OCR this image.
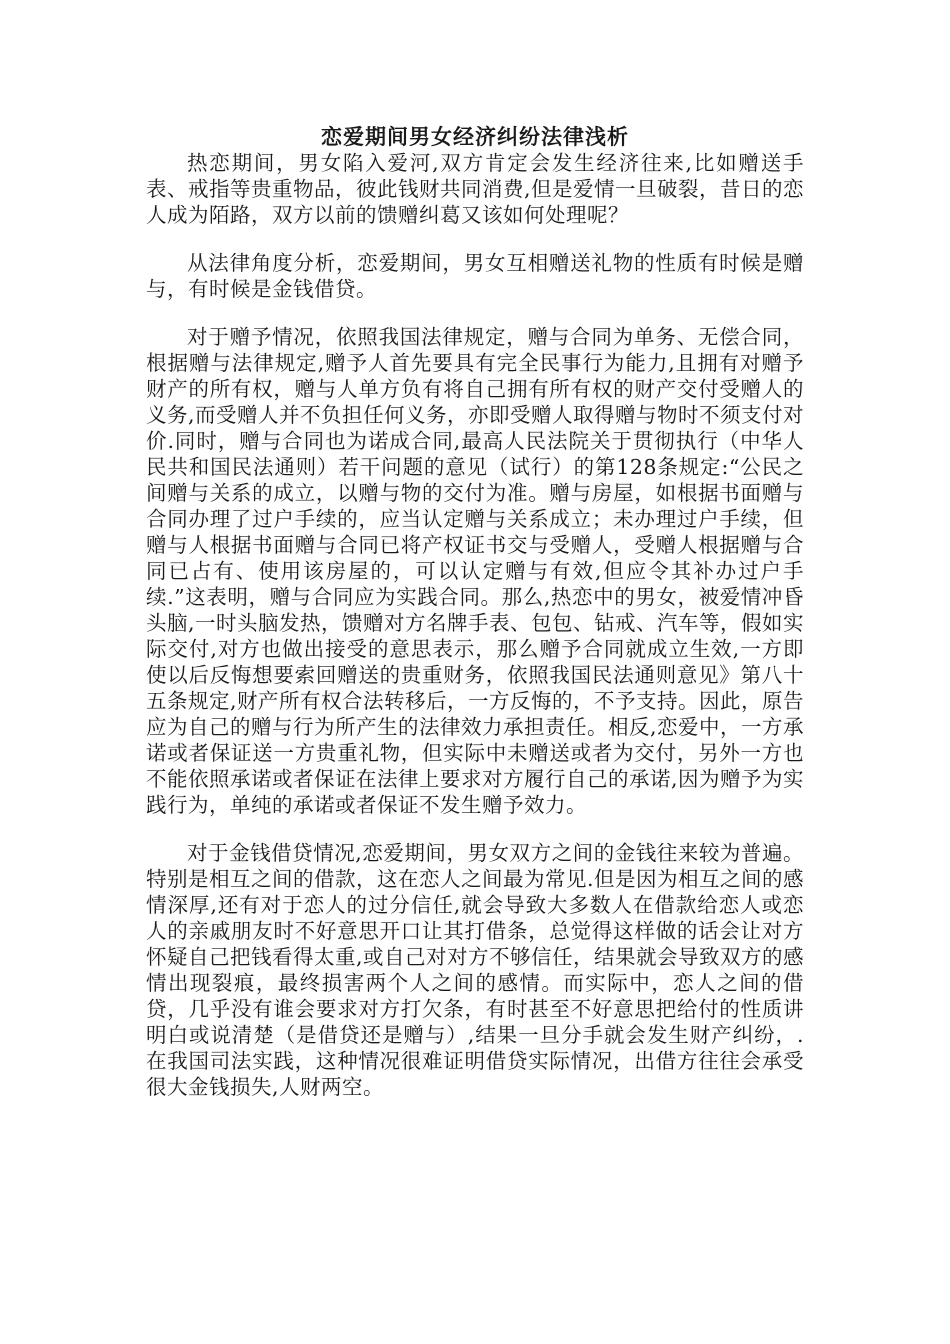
恋爱期间男女经济纠纷法律浅析

热恋期间，男女陷入爱河,双方肯定会发生经济往来,比如赠送手表、戒指等贵重物品，彼此钱财共同消费,但是爱情一旦破裂，昔日的恋人成为陌路，双方以前的馈赠纠葛又该如何处理呢？

从法律角度分析，恋爱期间，男女互相赠送礼物的性质有时候是赠与，有时候是金钱借贷。

对于赠予情况，依照我国法律规定，赠与合同为单务、无偿合同，根据赠与法律规定,赠予人首先要具有完全民事行为能力,且拥有对赠予财产的所有权，赠与人单方负有将自己拥有所有权的财产交付受赠人的义务,而受赠人并不负担任何义务，亦即受赠人取得赠与物时不须支付对价.同时，赠与合同也为诺成合同,最高人民法院关于贯彻执行（中华人民共和国民法通则）若干问题的意见（试行）的第128条规定:“公民之间赠与关系的成立，以赠与物的交付为准。赠与房屋，如根据书面赠与合同办理了过户手续的，应当认定赠与关系成立；未办理过户手续，但赠与人根据书面赠与合同已将产权证书交与受赠人，受赠人根据赠与合同已占有、使用该房屋的，可以认定赠与有效,但应令其补办过户手续.”这表明，赠与合同应为实践合同。那么,热恋中的男女，被爱情冲昏头脑,一时头脑发热，馈赠对方名牌手表、包包、钻戒、汽车等，假如实际交付,对方也做出接受的意思表示，那么赠予合同就成立生效,一方即使以后反悔想要索回赠送的贵重财务，依照我国民法通则意见》第八十五条规定,财产所有权合法转移后，一方反悔的，不予支持。因此，原告应为自己的赠与行为所产生的法律效力承担责任。相反,恋爱中，一方承诺或者保证送一方贵重礼物，但实际中未赠送或者为交付，另外一方也不能依照承诺或者保证在法律上要求对方履行自己的承诺,因为赠予为实践行为，单纯的承诺或者保证不发生赠予效力。

对于金钱借贷情况,恋爱期间，男女双方之间的金钱往来较为普遍。特别是相互之间的借款，这在恋人之间最为常见.但是因为相互之间的感情深厚,还有对于恋人的过分信任,就会导致大多数人在借款给恋人或恋人的亲戚朋友时不好意思开口让其打借条，总觉得这样做的话会让对方怀疑自己把钱看得太重,或自己对对方不够信任，结果就会导致双方的感情出现裂痕，最终损害两个人之间的感情。而实际中，恋人之间的借贷，几乎没有谁会要求对方打欠条，有时甚至不好意思把给付的性质讲明白或说清楚（是借贷还是赠与）,结果一旦分手就会发生财产纠纷，.在我国司法实践，这种情况很难证明借贷实际情况，出借方往往会承受很大金钱损失,人财两空。
